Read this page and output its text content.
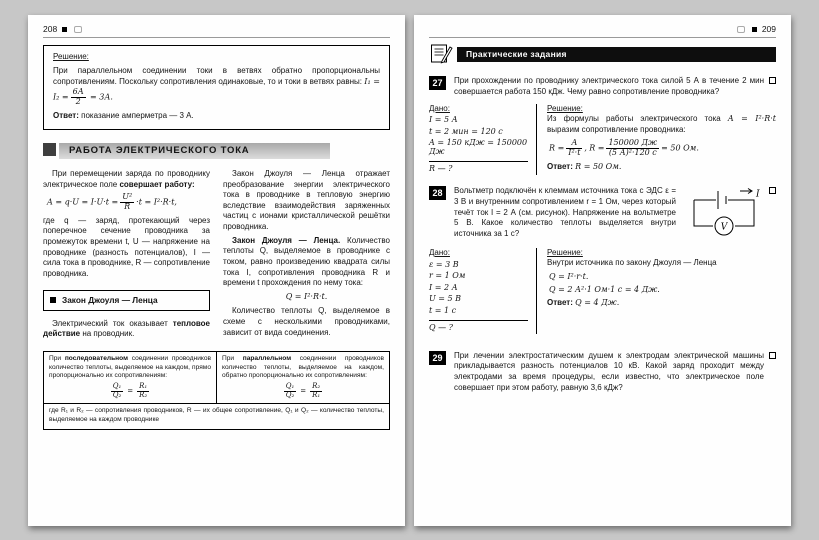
208
Решение:

При параллельном соединении токи в ветвях обратно пропорциональны сопротивлениям. Поскольку сопротивления одинаковые, то и токи в ветвях равны: $I_1 = I_2 = \frac{6А}{2} = 3А$.

Ответ: показание амперметра — 3 А.

РАБОТА ЭЛЕКТРИЧЕСКОГО ТОКА

При перемещении заряда по проводнику электрическое поле совершает работу:

$A = q\cdot U = I\cdot U\cdot t = \frac{\text{U²}}{R} \cdot t = I^2\cdot R\cdot t$,

где q — заряд, протекающий через поперечное сечение проводника за промежуток времени t, U — напряжение на проводнике (разность потенциалов), I — сила тока в проводнике, R — сопротивление проводника.

Закон Джоуля — Ленца

Электрический ток оказывает тепловое действие на проводник.

Закон Джоуля — Ленца отражает преобразование энергии электрического тока в проводнике в тепловую энергию вследствие взаимодействия заряженных частиц с ионами кристаллической решётки проводника.

Закон Джоуля — Ленца. Количество теплоты Q, выделяемое в проводнике с током, равно произведению квадрата силы тока I, сопротивления проводника R и времени t прохождения по нему тока:

Q = I²·R·t.

Количество теплоты Q, выделяемое в схеме с несколькими проводниками, зависит от вида соединения.

При последовательном соединении проводников количество теплоты, выделяемое на каждом, прямо пропорционально их сопротивлениям:
$\frac{\text{Q₁}}{\text{Q₂}} = \frac{\text{R₁}}{\text{R₂}}$
	При параллельном соединении проводников количество теплоты, выделяемое на каждом, обратно пропорционально их сопротивлениям:
$\frac{\text{Q₁}}{\text{Q₂}} = \frac{\text{R₂}}{\text{R₁}}$

где R₁ и R₂ — сопротивления проводников, R — их общее сопротивление, Q₁ и Q₂ — количество теплоты, выделяемое на каждом проводнике
209
Практические задания
27	При прохождении по проводнику электрического тока силой 5 А в течение 2 мин совершается работа 150 кДж. Чему равно сопротивление проводника?

Дано:
I = 5 А
t = 2 мин = 120 с
A = 150 кДж = 150000 Дж
R — ?
Решение:

Из формулы работы электрического тока A = I²·R·t выразим сопротивление проводника:

$R = \frac{A}{\text{I²·t}}$ , $R = \frac{150000 Дж}{\text{(5 А)²·120 с}} = 50$ Ом.

Ответ: R = 50 Ом.

28
V
I

Вольтметр подключён к клеммам источника тока с ЭДС ε = 3 В и внутренним сопротивлением r = 1 Ом, через который течёт ток I = 2 А (см. рисунок). Напряжение на вольтметре 5 В. Какое количество теплоты выделяется внутри источника за 1 с?

Дано:
ε = 3 В
r = 1 Ом
I = 2 А
U = 5 В
t = 1 с
Q — ?
Решение:

Внутри источника по закону Джоуля — Ленца

Q = I²·r·t.
Q = 2 А²·1 Ом·1 с = 4 Дж.

Ответ: Q = 4 Дж.

29	При лечении электростатическим душем к электродам электрической машины прикладывается разность потенциалов 10 кВ. Какой заряд проходит между электродами за время процедуры, если известно, что электрическое поле совершает при этом работу, равную 3,6 кДж?
